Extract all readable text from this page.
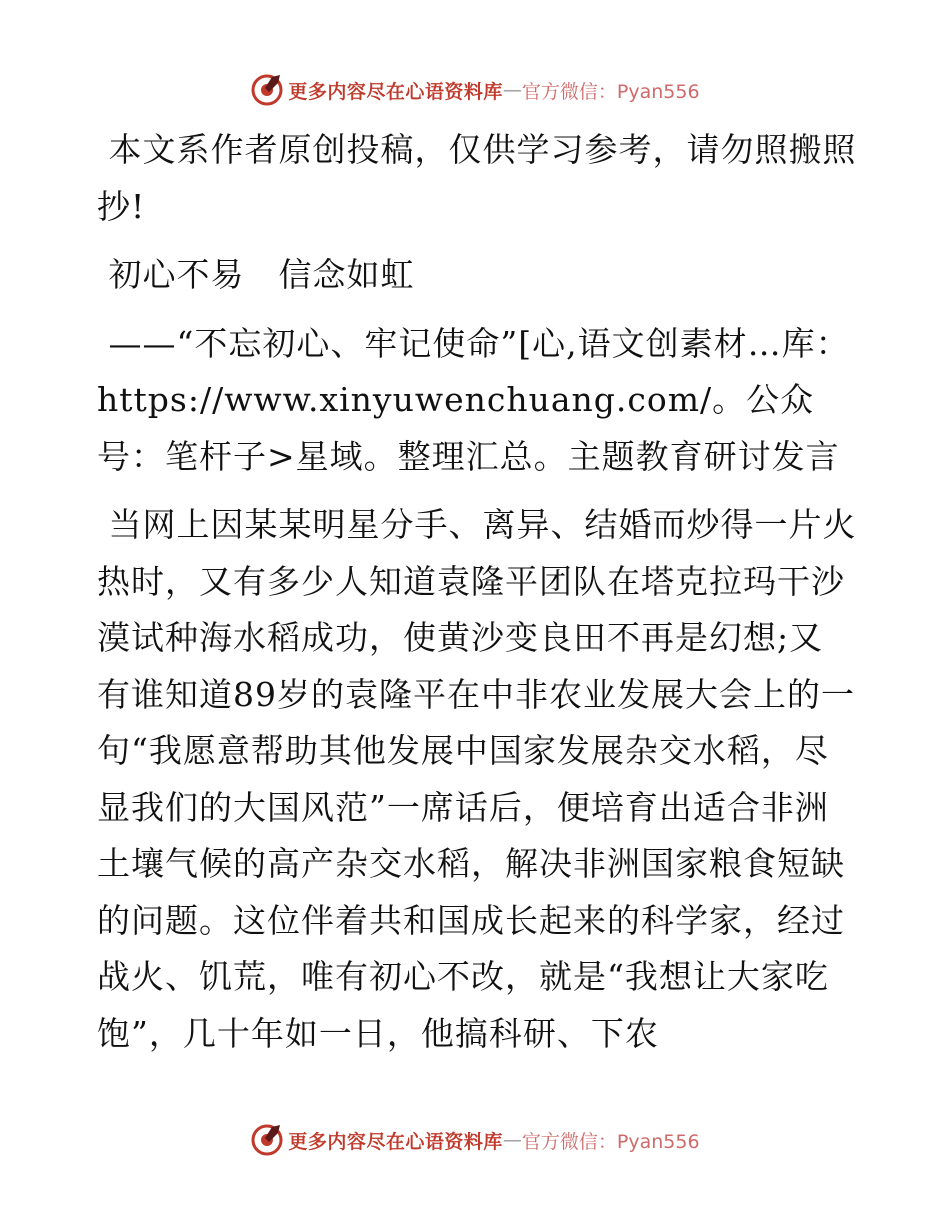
更多内容尽在心语资料库 — 官方微信：Pyan556

本文系作者原创投稿，仅供学习参考，请勿照搬照抄!

初心不易　信念如虹

——“不忘初心、牢记使命”[心,语文创素材…库：https://www.xinyuwenchuang.com/。公众号：笔杆子>星域。整理汇总。主题教育研讨发言

当网上因某某明星分手、离异、结婚而炒得一片火热时，又有多少人知道袁隆平团队在塔克拉玛干沙漠试种海水稻成功，使黄沙变良田不再是幻想;又有谁知道89岁的袁隆平在中非农业发展大会上的一句“我愿意帮助其他发展中国家发展杂交水稻，尽显我们的大国风范”一席话后，便培育出适合非洲土壤气候的高产杂交水稻，解决非洲国家粮食短缺的问题。这位伴着共和国成长起来的科学家，经过战火、饥荒，唯有初心不改，就是“我想让大家吃饱”，几十年如一日，他搞科研、下农

更多内容尽在心语资料库 — 官方微信：Pyan556
